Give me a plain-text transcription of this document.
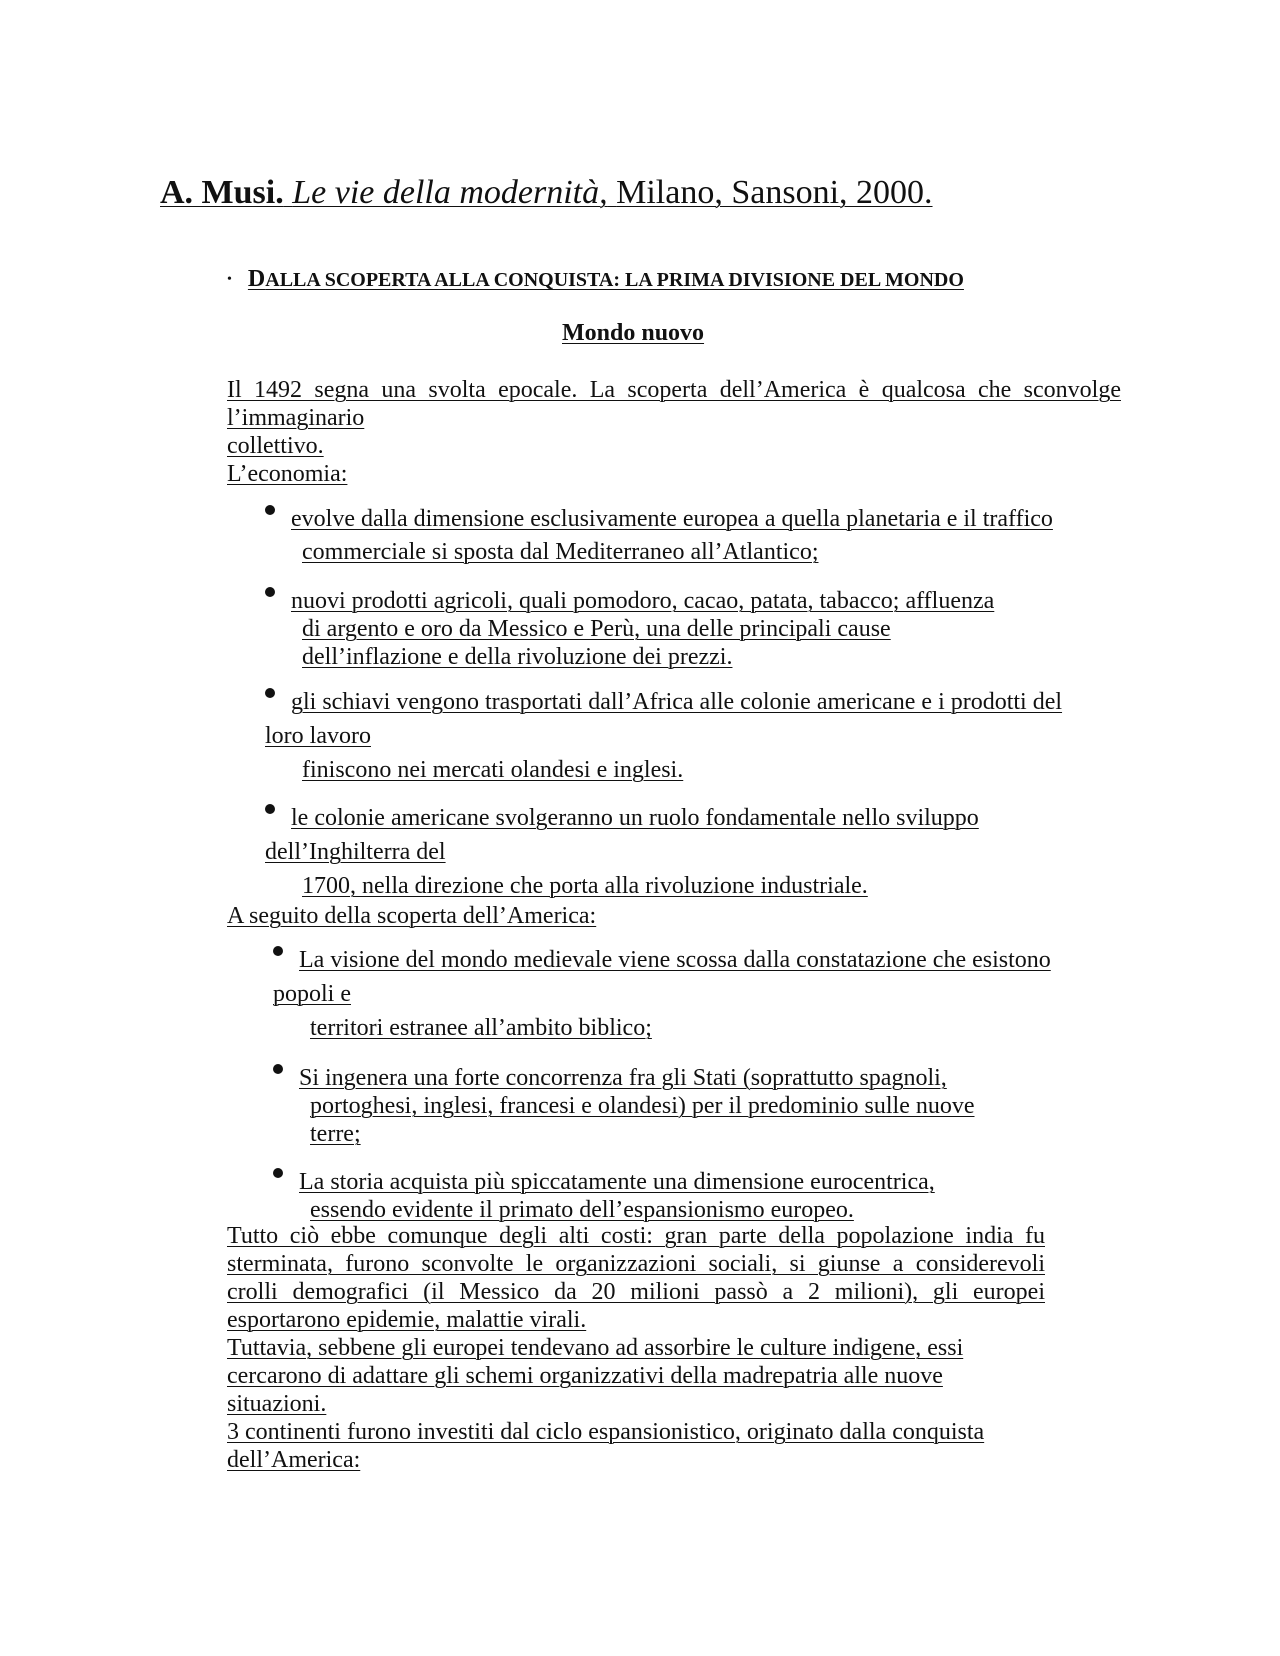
A. Musi. Le vie della modernità, Milano, Sansoni, 2000.
• DALLA SCOPERTA ALLA CONQUISTA: LA PRIMA DIVISIONE DEL MONDO
Mondo nuovo
Il 1492 segna una svolta epocale. La scoperta dell’America è qualcosa che sconvolge
l’immaginario
collettivo.
L’economia:
evolve dalla dimensione esclusivamente europea a quella planetaria e il traffico
commerciale si sposta dal Mediterraneo all’Atlantico;
nuovi prodotti agricoli, quali pomodoro, cacao, patata, tabacco; affluenza
di argento e oro da Messico e Perù, una delle principali cause
dell’inflazione e della rivoluzione dei prezzi.
gli schiavi vengono trasportati dall’Africa alle colonie americane e i prodotti del
loro lavoro
finiscono nei mercati olandesi e inglesi.
le colonie americane svolgeranno un ruolo fondamentale nello sviluppo
dell’Inghilterra del
1700, nella direzione che porta alla rivoluzione industriale.
A seguito della scoperta dell’America:
La visione del mondo medievale viene scossa dalla constatazione che esistono
popoli e
territori estranee all’ambito biblico;
Si ingenera una forte concorrenza fra gli Stati (soprattutto spagnoli,
portoghesi, inglesi, francesi e olandesi) per il predominio sulle nuove
terre;
La storia acquista più spiccatamente una dimensione eurocentrica,
essendo evidente il primato dell’espansionismo europeo.
Tutto ciò ebbe comunque degli alti costi: gran parte della popolazione india fu
sterminata, furono sconvolte le organizzazioni sociali, si giunse a considerevoli
crolli demografici (il Messico da 20 milioni passò a 2 milioni), gli europei
esportarono epidemie, malattie virali.
Tuttavia, sebbene gli europei tendevano ad assorbire le culture indigene, essi
cercarono di adattare gli schemi organizzativi della madrepatria alle nuove
situazioni.
3 continenti furono investiti dal ciclo espansionistico, originato dalla conquista
dell’America:
